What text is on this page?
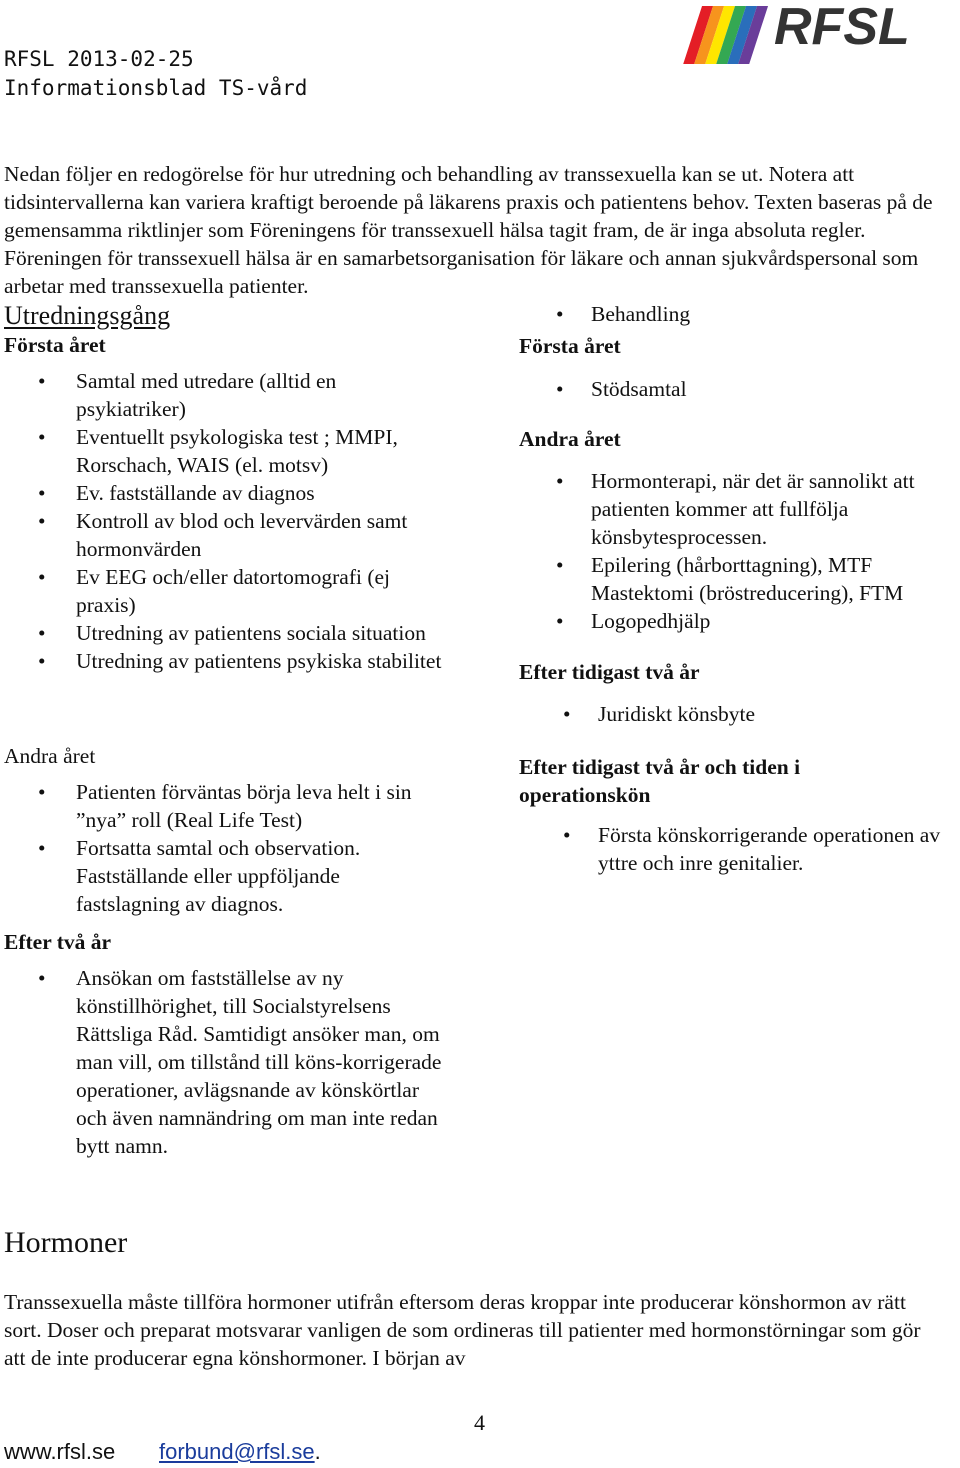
RFSL 2013-02-25
Informationsblad TS-vård
RFSL

Nedan följer en redogörelse för hur utredning och behandling av transsexuella kan se ut. Notera att tidsintervallerna kan variera kraftigt beroende på läkarens praxis och patientens behov. Texten baseras på de gemensamma riktlinjer som Föreningens för transsexuell hälsa tagit fram, de är inga absoluta regler. Föreningen för transsexuell hälsa är en samarbetsorganisation för läkare och annan sjukvårdspersonal som arbetar med transsexuella patienter.

Utredningsgång
Första året
• Samtal med utredare (alltid en psykiatriker)
• Eventuellt psykologiska test ; MMPI, Rorschach, WAIS (el. motsv)
• Ev. fastställande av diagnos
• Kontroll av blod och levervärden samt hormonvärden
• Ev EEG och/eller datortomografi (ej praxis)
• Utredning av patientens sociala situation
• Utredning av patientens psykiska stabilitet
Andra året
• Patienten förväntas börja leva helt i sin ”nya” roll (Real Life Test)
• Fortsatta samtal och observation. Fastställande eller uppföljande fastslagning av diagnos.
Efter två år
• Ansökan om fastställelse av ny könstillhörighet, till Socialstyrelsens Rättsliga Råd. Samtidigt ansöker man, om man vill, om tillstånd till köns-korrigerade operationer, avlägsnande av könskörtlar och även namnändring om man inte redan bytt namn.
• Behandling
Första året
• Stödsamtal
Andra året
• Hormonterapi, när det är sannolikt att patienten kommer att fullfölja könsbytesprocessen.
• Epilering (hårborttagning), MTF Mastektomi (bröstreducering), FTM
• Logopedhjälp
Efter tidigast två år
• Juridiskt könsbyte
Efter tidigast två år och tiden i operationskön
• Första könskorrigerande operationen av yttre och inre genitalier.
Hormoner

Transsexuella måste tillföra hormoner utifrån eftersom deras kroppar inte producerar könshormon av rätt sort. Doser och preparat motsvarar vanligen de som ordineras till patienter med hormonstörningar som gör att de inte producerar egna könshormoner. I början av

4
www.rfsl.se forbund@rfsl.se.
